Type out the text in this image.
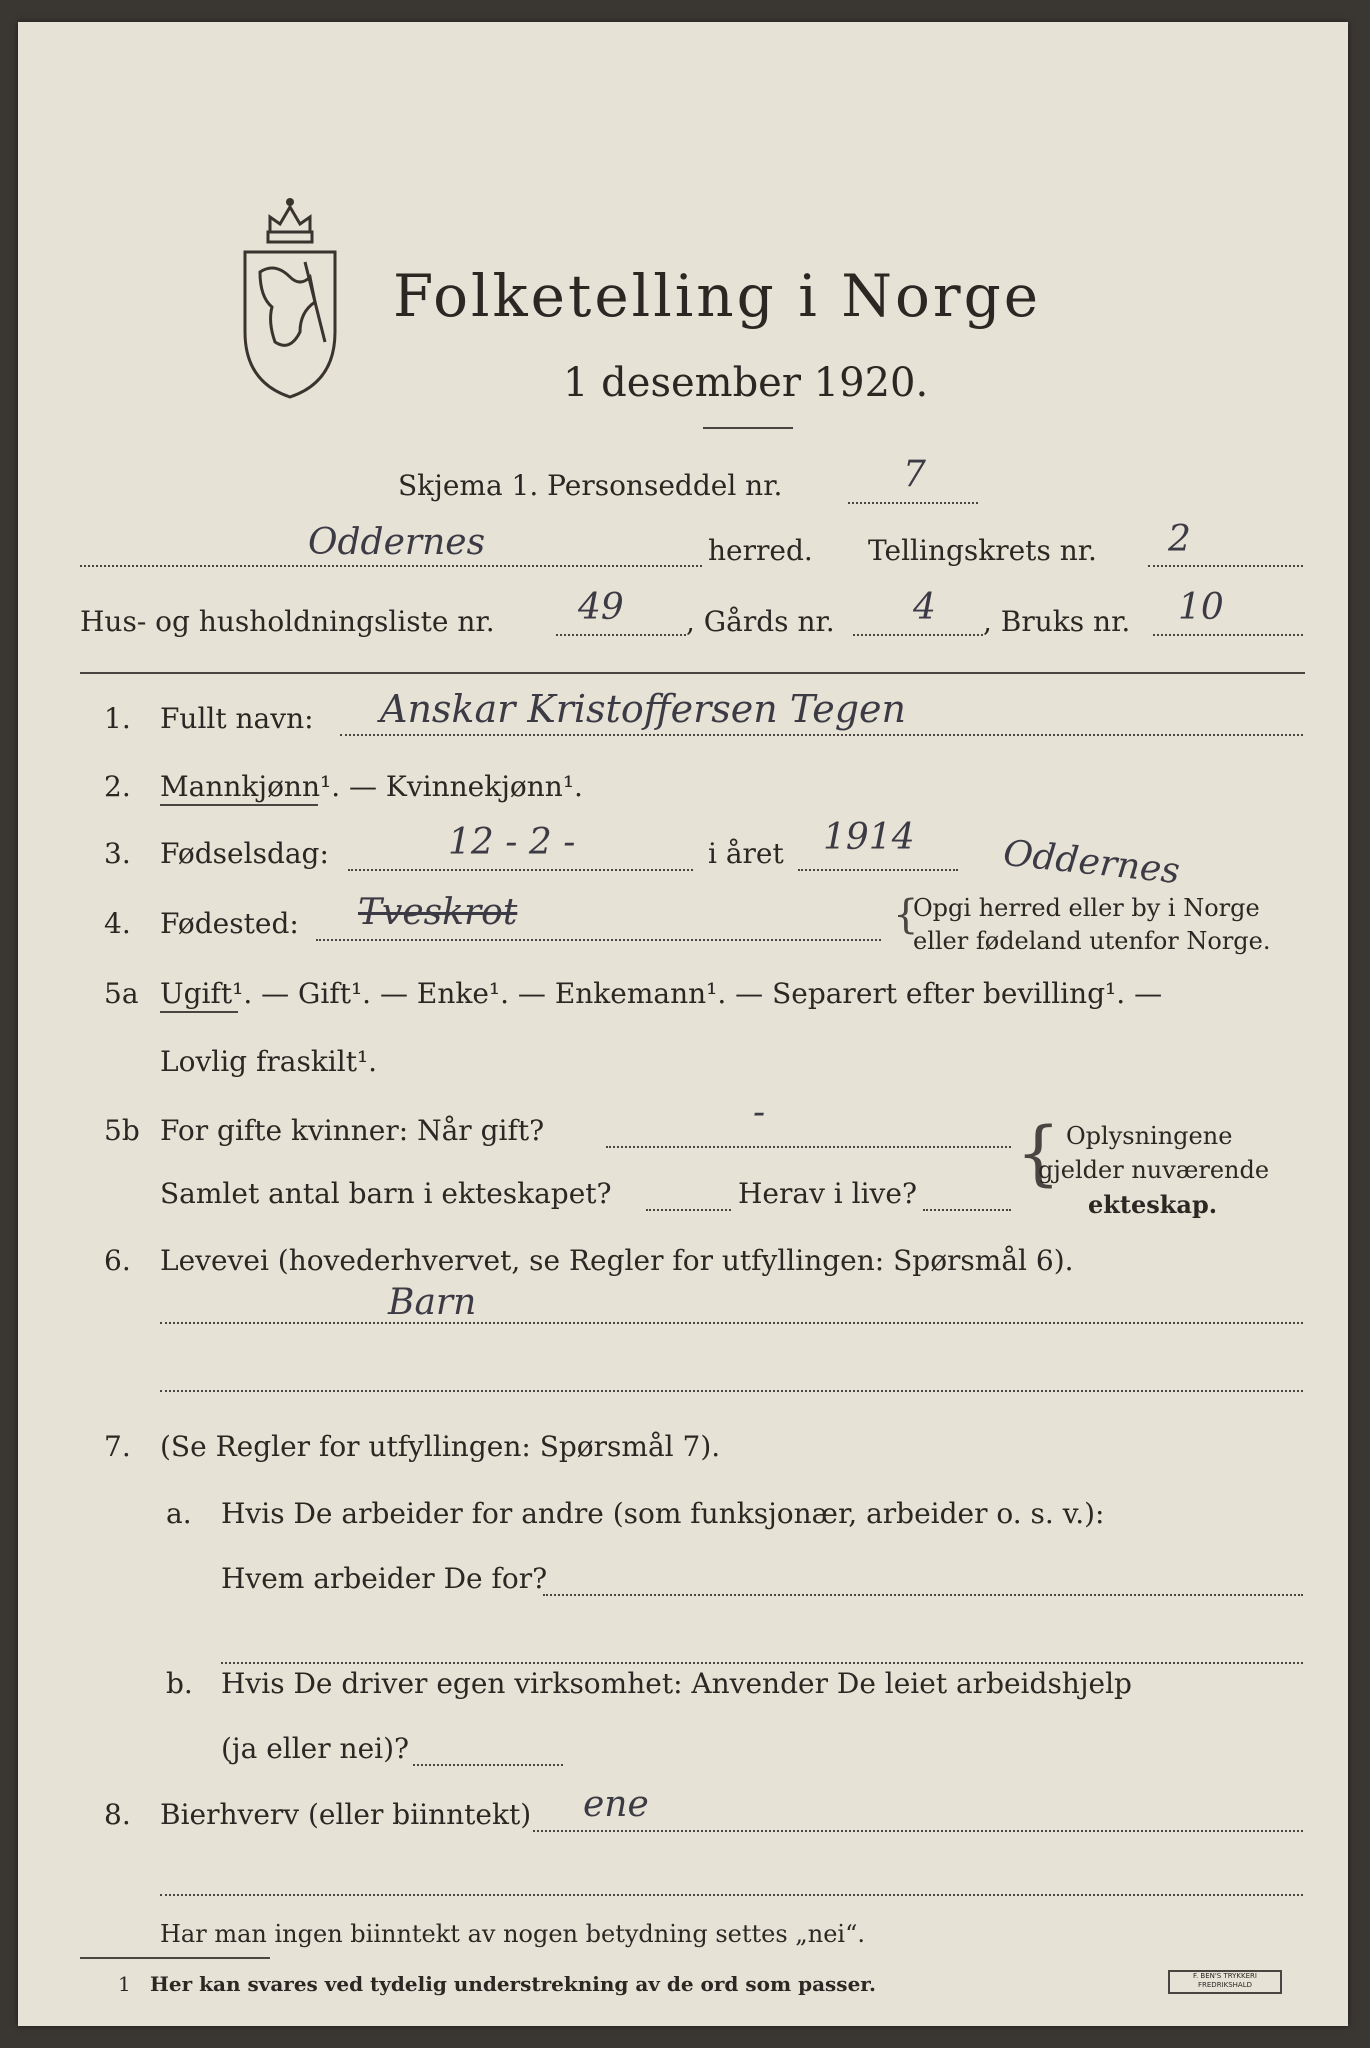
Folketelling i Norge
1 desember 1920.
Skjema 1. Personseddel nr.	7
Oddernes	herred. Tellingskrets nr. 2
Hus- og husholdningsliste nr. 49 , Gårds nr. 4 , Bruks nr. 10
1. Fullt navn: Anskar Kristoffersen Tegen
2. Mannkjønn¹. — Kvinnekjønn¹.
3. Fødselsdag:	12 - 2 -	i året 1914 Oddernes
4. Fødested: Tveskrot	{
Opgi herred eller by i Norge
eller fødeland utenfor Norge.
5a Ugift¹. — Gift¹. — Enke¹. — Enkemann¹. — Separert efter bevilling¹. —
Lovlig fraskilt¹.
5b For gifte kvinner: Når gift?	-
Samlet antal barn i ekteskapet?	Herav i live? { Oplysningene
gjelder nuværende
ekteskap.
6. Levevei (hovederhvervet, se Regler for utfyllingen: Spørsmål 6).
Barn
7. (Se Regler for utfyllingen: Spørsmål 7).
a. Hvis De arbeider for andre (som funksjonær, arbeider o. s. v.):
Hvem arbeider De for?
b. Hvis De driver egen virksomhet: Anvender De leiet arbeidshjelp
(ja eller nei)?
8. Bierhverv (eller biinntekt) ene
Har man ingen biinntekt av nogen betydning settes „nei“.
1 Her kan svares ved tydelig understrekning av de ord som passer.	F. BEN'S TRYKKERI FREDRIKSHALD
